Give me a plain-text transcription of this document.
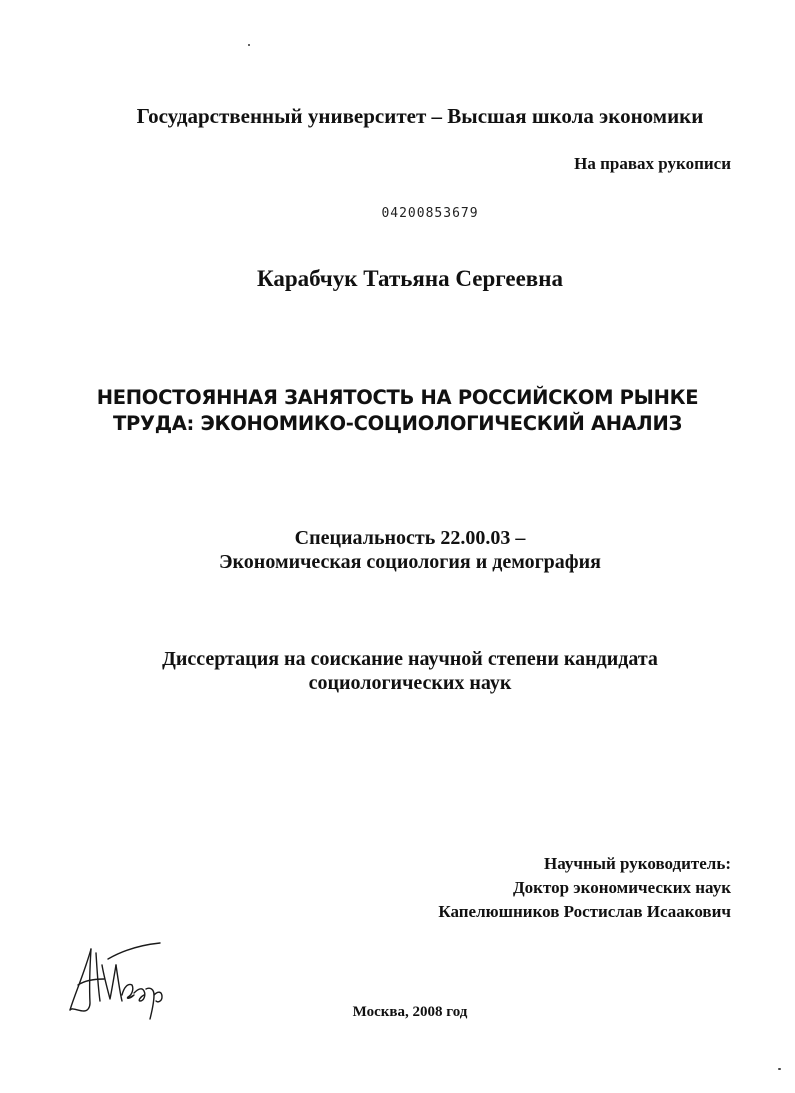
Государственный университет – Высшая школа экономики

На правах рукописи

04200853679

Карабчук Татьяна Сергеевна

НЕПОСТОЯННАЯ ЗАНЯТОСТЬ НА РОССИЙСКОМ РЫНКЕ
ТРУДА: ЭКОНОМИКО-СОЦИОЛОГИЧЕСКИЙ АНАЛИЗ
Специальность 22.00.03 –
Экономическая социология и демография
Диссертация на соискание научной степени кандидата
социологических наук
Научный руководитель:
Доктор экономических наук
Капелюшников Ростислав Исаакович

Москва, 2008 год
